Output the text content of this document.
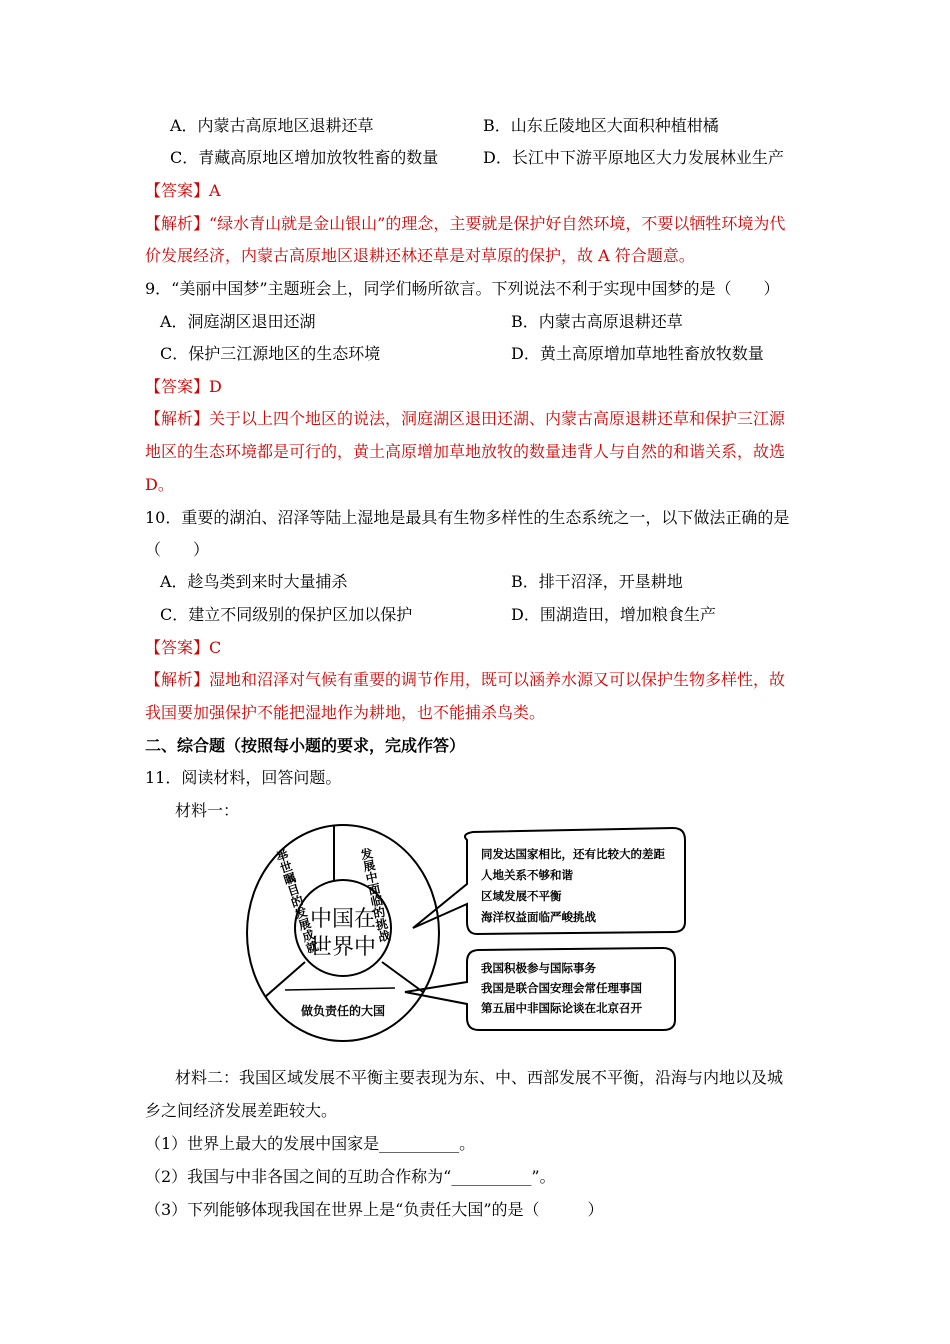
A．内蒙古高原地区退耕还草	B．山东丘陵地区大面积种植柑橘
C．青藏高原地区增加放牧牲畜的数量	D．长江中下游平原地区大力发展林业生产
【答案】A
【解析】“绿水青山就是金山银山”的理念，主要就是保护好自然环境，不要以牺牲环境为代
价发展经济，内蒙古高原地区退耕还林还草是对草原的保护，故 A 符合题意。
9．“美丽中国梦”主题班会上，同学们畅所欲言。下列说法不利于实现中国梦的是（　　）
A．洞庭湖区退田还湖	B．内蒙古高原退耕还草
C．保护三江源地区的生态环境	D．黄土高原增加草地牲畜放牧数量
【答案】D
【解析】关于以上四个地区的说法，洞庭湖区退田还湖、内蒙古高原退耕还草和保护三江源
地区的生态环境都是可行的，黄土高原增加草地放牧的数量违背人与自然的和谐关系，故选
D。
10．重要的湖泊、沼泽等陆上湿地是最具有生物多样性的生态系统之一，以下做法正确的是
（　　）
A．趁鸟类到来时大量捕杀	B．排干沼泽，开垦耕地
C．建立不同级别的保护区加以保护	D．围湖造田，增加粮食生产
【答案】C
【解析】湿地和沼泽对气候有重要的调节作用，既可以涵养水源又可以保护生物多样性，故
我国要加强保护不能把湿地作为耕地，也不能捕杀鸟类。
二、综合题（按照每小题的要求，完成作答）
11．阅读材料，回答问题。
材料一：
中国在
世界中
举世瞩目的发展成就	发展中面临的挑战
做负责任的大国
同发达国家相比，还有比较大的差距
人地关系不够和谐
区域发展不平衡
海洋权益面临严峻挑战
我国积极参与国际事务
我国是联合国安理会常任理事国
第五届中非国际论谈在北京召开
材料二：我国区域发展不平衡主要表现为东、中、西部发展不平衡，沿海与内地以及城
乡之间经济发展差距较大。
（1）世界上最大的发展中国家是__________。
（2）我国与中非各国之间的互助合作称为“__________”。
（3）下列能够体现我国在世界上是“负责任大国”的是（　　　）
